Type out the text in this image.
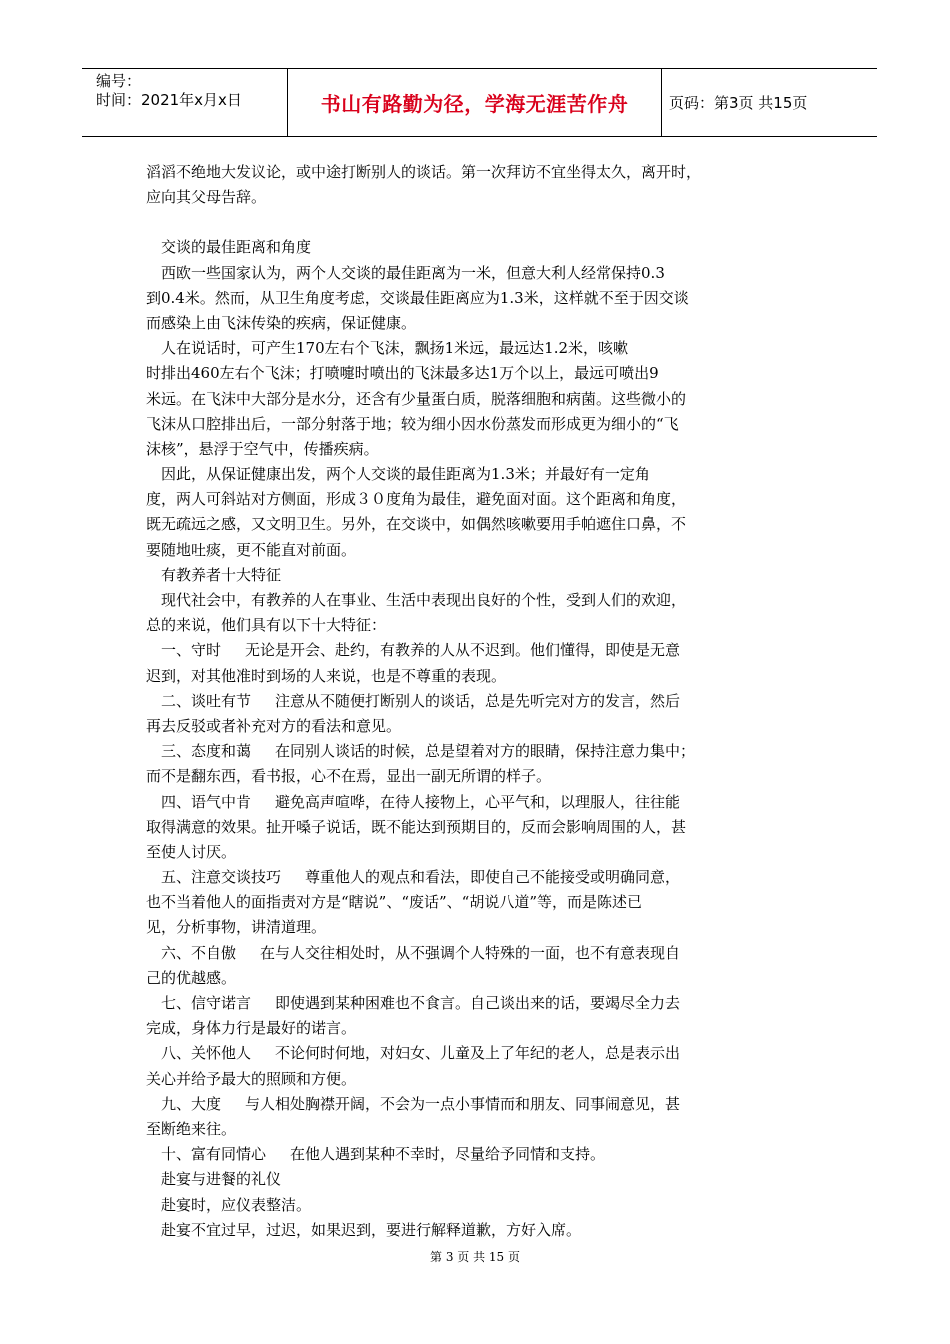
编号：
时间：2021年x月x日	书山有路勤为径，学海无涯苦作舟	页码：第3页 共15页
滔滔不绝地大发议论，或中途打断别人的谈话。第一次拜访不宜坐得太久，离开时，
应向其父母告辞。
交谈的最佳距离和角度
西欧一些国家认为，两个人交谈的最佳距离为一米，但意大利人经常保持0.3
到0.4米。然而，从卫生角度考虑，交谈最佳距离应为1.3米，这样就不至于因交谈
而感染上由飞沫传染的疾病，保证健康。
人在说话时，可产生170左右个飞沫，飘扬1米远，最远达1.2米，咳嗽
时排出460左右个飞沫；打喷嚏时喷出的飞沫最多达1万个以上，最远可喷出9
米远。在飞沫中大部分是水分，还含有少量蛋白质，脱落细胞和病菌。这些微小的
飞沫从口腔排出后，一部分射落于地；较为细小因水份蒸发而形成更为细小的“飞
沫核”，悬浮于空气中，传播疾病。
因此，从保证健康出发，两个人交谈的最佳距离为1.3米；并最好有一定角
度，两人可斜站对方侧面，形成３０度角为最佳，避免面对面。这个距离和角度，
既无疏远之感，又文明卫生。另外，在交谈中，如偶然咳嗽要用手帕遮住口鼻，不
要随地吐痰，更不能直对前面。
有教养者十大特征
现代社会中，有教养的人在事业、生活中表现出良好的个性，受到人们的欢迎，
总的来说，他们具有以下十大特征：
一、守时 无论是开会、赴约，有教养的人从不迟到。他们懂得，即使是无意
迟到，对其他准时到场的人来说，也是不尊重的表现。
二、谈吐有节 注意从不随便打断别人的谈话，总是先听完对方的发言，然后
再去反驳或者补充对方的看法和意见。
三、态度和蔼 在同别人谈话的时候，总是望着对方的眼睛，保持注意力集中；
而不是翻东西，看书报，心不在焉，显出一副无所谓的样子。
四、语气中肯 避免高声喧哗，在待人接物上，心平气和，以理服人，往往能
取得满意的效果。扯开嗓子说话，既不能达到预期目的，反而会影响周围的人，甚
至使人讨厌。
五、注意交谈技巧 尊重他人的观点和看法，即使自己不能接受或明确同意，
也不当着他人的面指责对方是“瞎说”、“废话”、“胡说八道”等，而是陈述已
见，分析事物，讲清道理。
六、不自傲 在与人交往相处时，从不强调个人特殊的一面，也不有意表现自
己的优越感。
七、信守诺言 即使遇到某种困难也不食言。自己谈出来的话，要竭尽全力去
完成，身体力行是最好的诺言。
八、关怀他人 不论何时何地，对妇女、儿童及上了年纪的老人，总是表示出
关心并给予最大的照顾和方便。
九、大度 与人相处胸襟开阔，不会为一点小事情而和朋友、同事闹意见，甚
至断绝来往。
十、富有同情心 在他人遇到某种不幸时，尽量给予同情和支持。
赴宴与进餐的礼仪
赴宴时，应仪表整洁。
赴宴不宜过早，过迟，如果迟到，要进行解释道歉，方好入席。
第 3 页 共 15 页
